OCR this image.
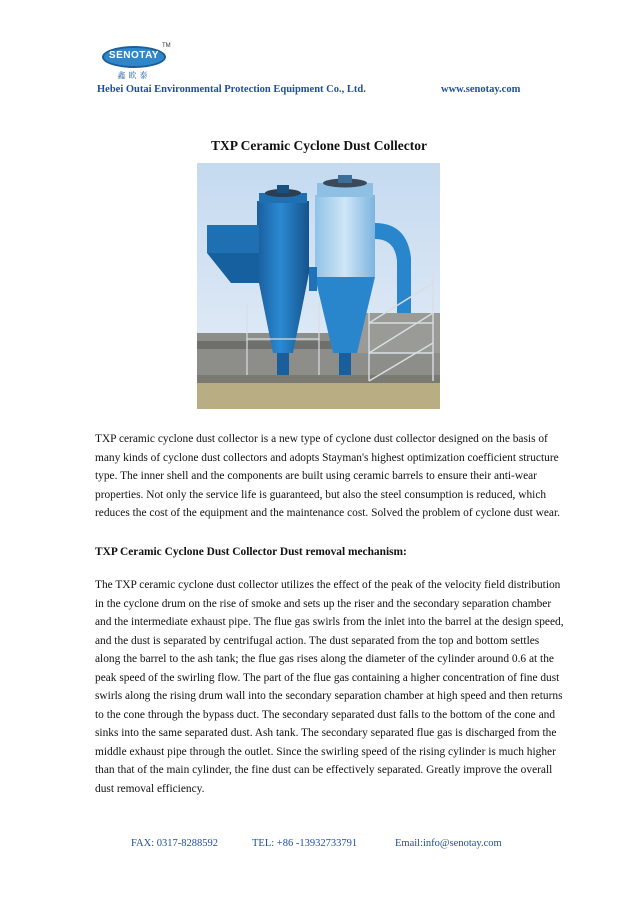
SENOTAY
TM
鑫欧泰
Hebei Outai Environmental Protection Equipment Co., Ltd.	www.senotay.com
TXP Ceramic Cyclone Dust Collector
TXP ceramic cyclone dust collector is a new type of cyclone dust collector designed on the basis of many kinds of cyclone dust collectors and adopts Stayman's highest optimization coefficient structure type. The inner shell and the components are built using ceramic barrels to ensure their anti-wear properties. Not only the service life is guaranteed, but also the steel consumption is reduced, which reduces the cost of the equipment and the maintenance cost. Solved the problem of cyclone dust wear.
TXP Ceramic Cyclone Dust Collector Dust removal mechanism:
The TXP ceramic cyclone dust collector utilizes the effect of the peak of the velocity field distribution in the cyclone drum on the rise of smoke and sets up the riser and the secondary separation chamber and the intermediate exhaust pipe. The flue gas swirls from the inlet into the barrel at the design speed, and the dust is separated by centrifugal action. The dust separated from the top and bottom settles along the barrel to the ash tank; the flue gas rises along the diameter of the cylinder around 0.6 at the peak speed of the swirling flow. The part of the flue gas containing a higher concentration of fine dust swirls along the rising drum wall into the secondary separation chamber at high speed and then returns to the cone through the bypass duct. The secondary separated dust falls to the bottom of the cone and sinks into the same separated dust. Ash tank. The secondary separated flue gas is discharged from the middle exhaust pipe through the outlet. Since the swirling speed of the rising cylinder is much higher than that of the main cylinder, the fine dust can be effectively separated. Greatly improve the overall dust removal efficiency.
FAX: 0317-8288592	TEL: +86 -13932733791	Email:info@senotay.com
